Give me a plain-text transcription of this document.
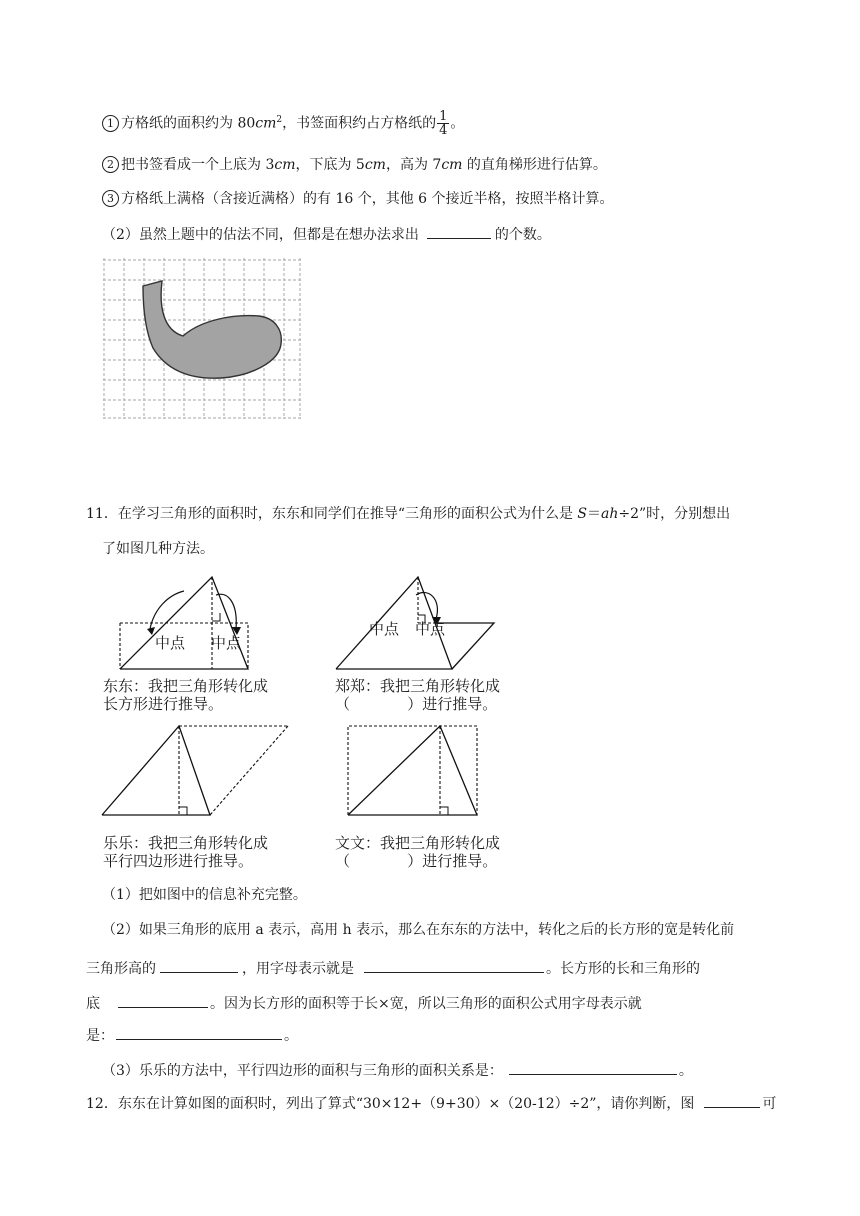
1 方格纸的面积约为 $80cm^2$，书签面积约占方格纸的 $\frac{1}{4}$ 。
2 把书签看成一个上底为 3cm，下底为 5cm，高为 7cm 的直角梯形进行估算。
3 方格纸上满格（含接近满格）的有 16 个，其他 6 个接近半格，按照半格计算。
（2）虽然上题中的估法不同，但都是在想办法求出	的个数。
11．在学习三角形的面积时，东东和同学们在推导“三角形的面积公式为什么是 S＝ah÷2”时，分别想出
了如图几种方法。
中点 中点
中点 中点
东东：我把三角形转化成
长方形进行推导。
郑郑：我把三角形转化成
（            ）进行推导。
乐乐：我把三角形转化成
平行四边形进行推导。
文文：我把三角形转化成
（            ）进行推导。
（1）把如图中的信息补充完整。
（2）如果三角形的底用 a 表示，高用 h 表示，那么在东东的方法中，转化之后的长方形的宽是转化前
三角形高的	，用字母表示就是	。长方形的长和三角形的
底	。因为长方形的面积等于长×宽，所以三角形的面积公式用字母表示就
是：	。
（3）乐乐的方法中，平行四边形的面积与三角形的面积关系是：	。
12．东东在计算如图的面积时，列出了算式“30×12+（9+30）×（20-12）÷2”，请你判断，图	可
